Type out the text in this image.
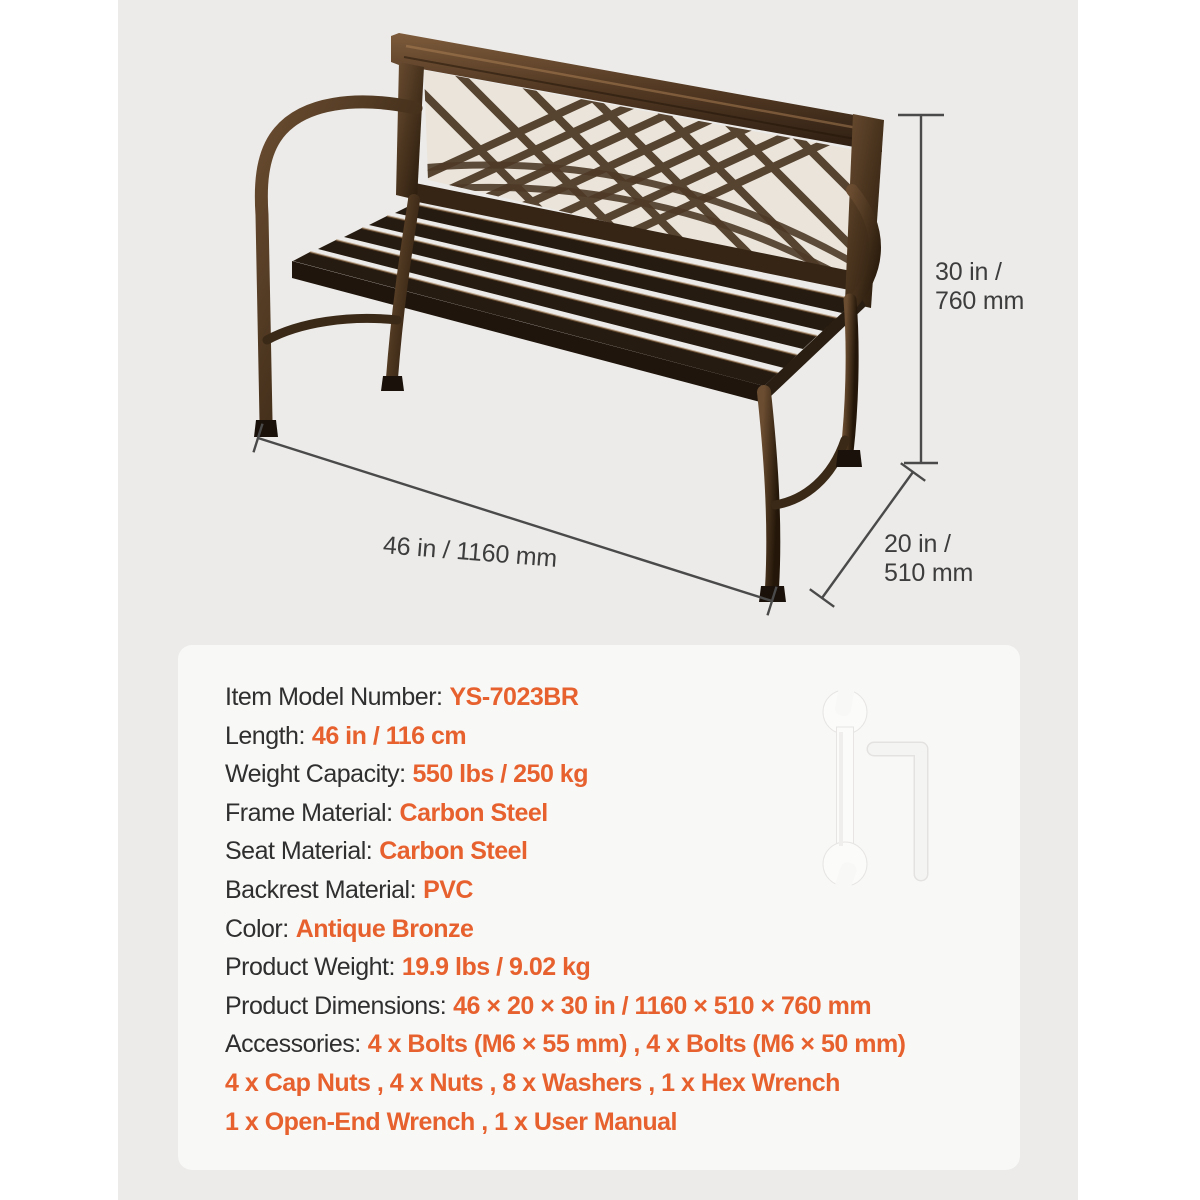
30 in /
760 mm
46 in / 1160 mm	20 in /
510 mm
Item Model Number: YS-7023BR
Length: 46 in / 116 cm
Weight Capacity: 550 lbs / 250 kg
Frame Material: Carbon Steel
Seat Material: Carbon Steel
Backrest Material: PVC
Color: Antique Bronze
Product Weight: 19.9 lbs / 9.02 kg
Product Dimensions: 46 × 20 × 30 in / 1160 × 510 × 760 mm
Accessories: 4 x Bolts (M6 × 55 mm) , 4 x Bolts (M6 × 50 mm)
4 x Cap Nuts , 4 x Nuts , 8 x Washers , 1 x Hex Wrench
1 x Open-End Wrench , 1 x User Manual
